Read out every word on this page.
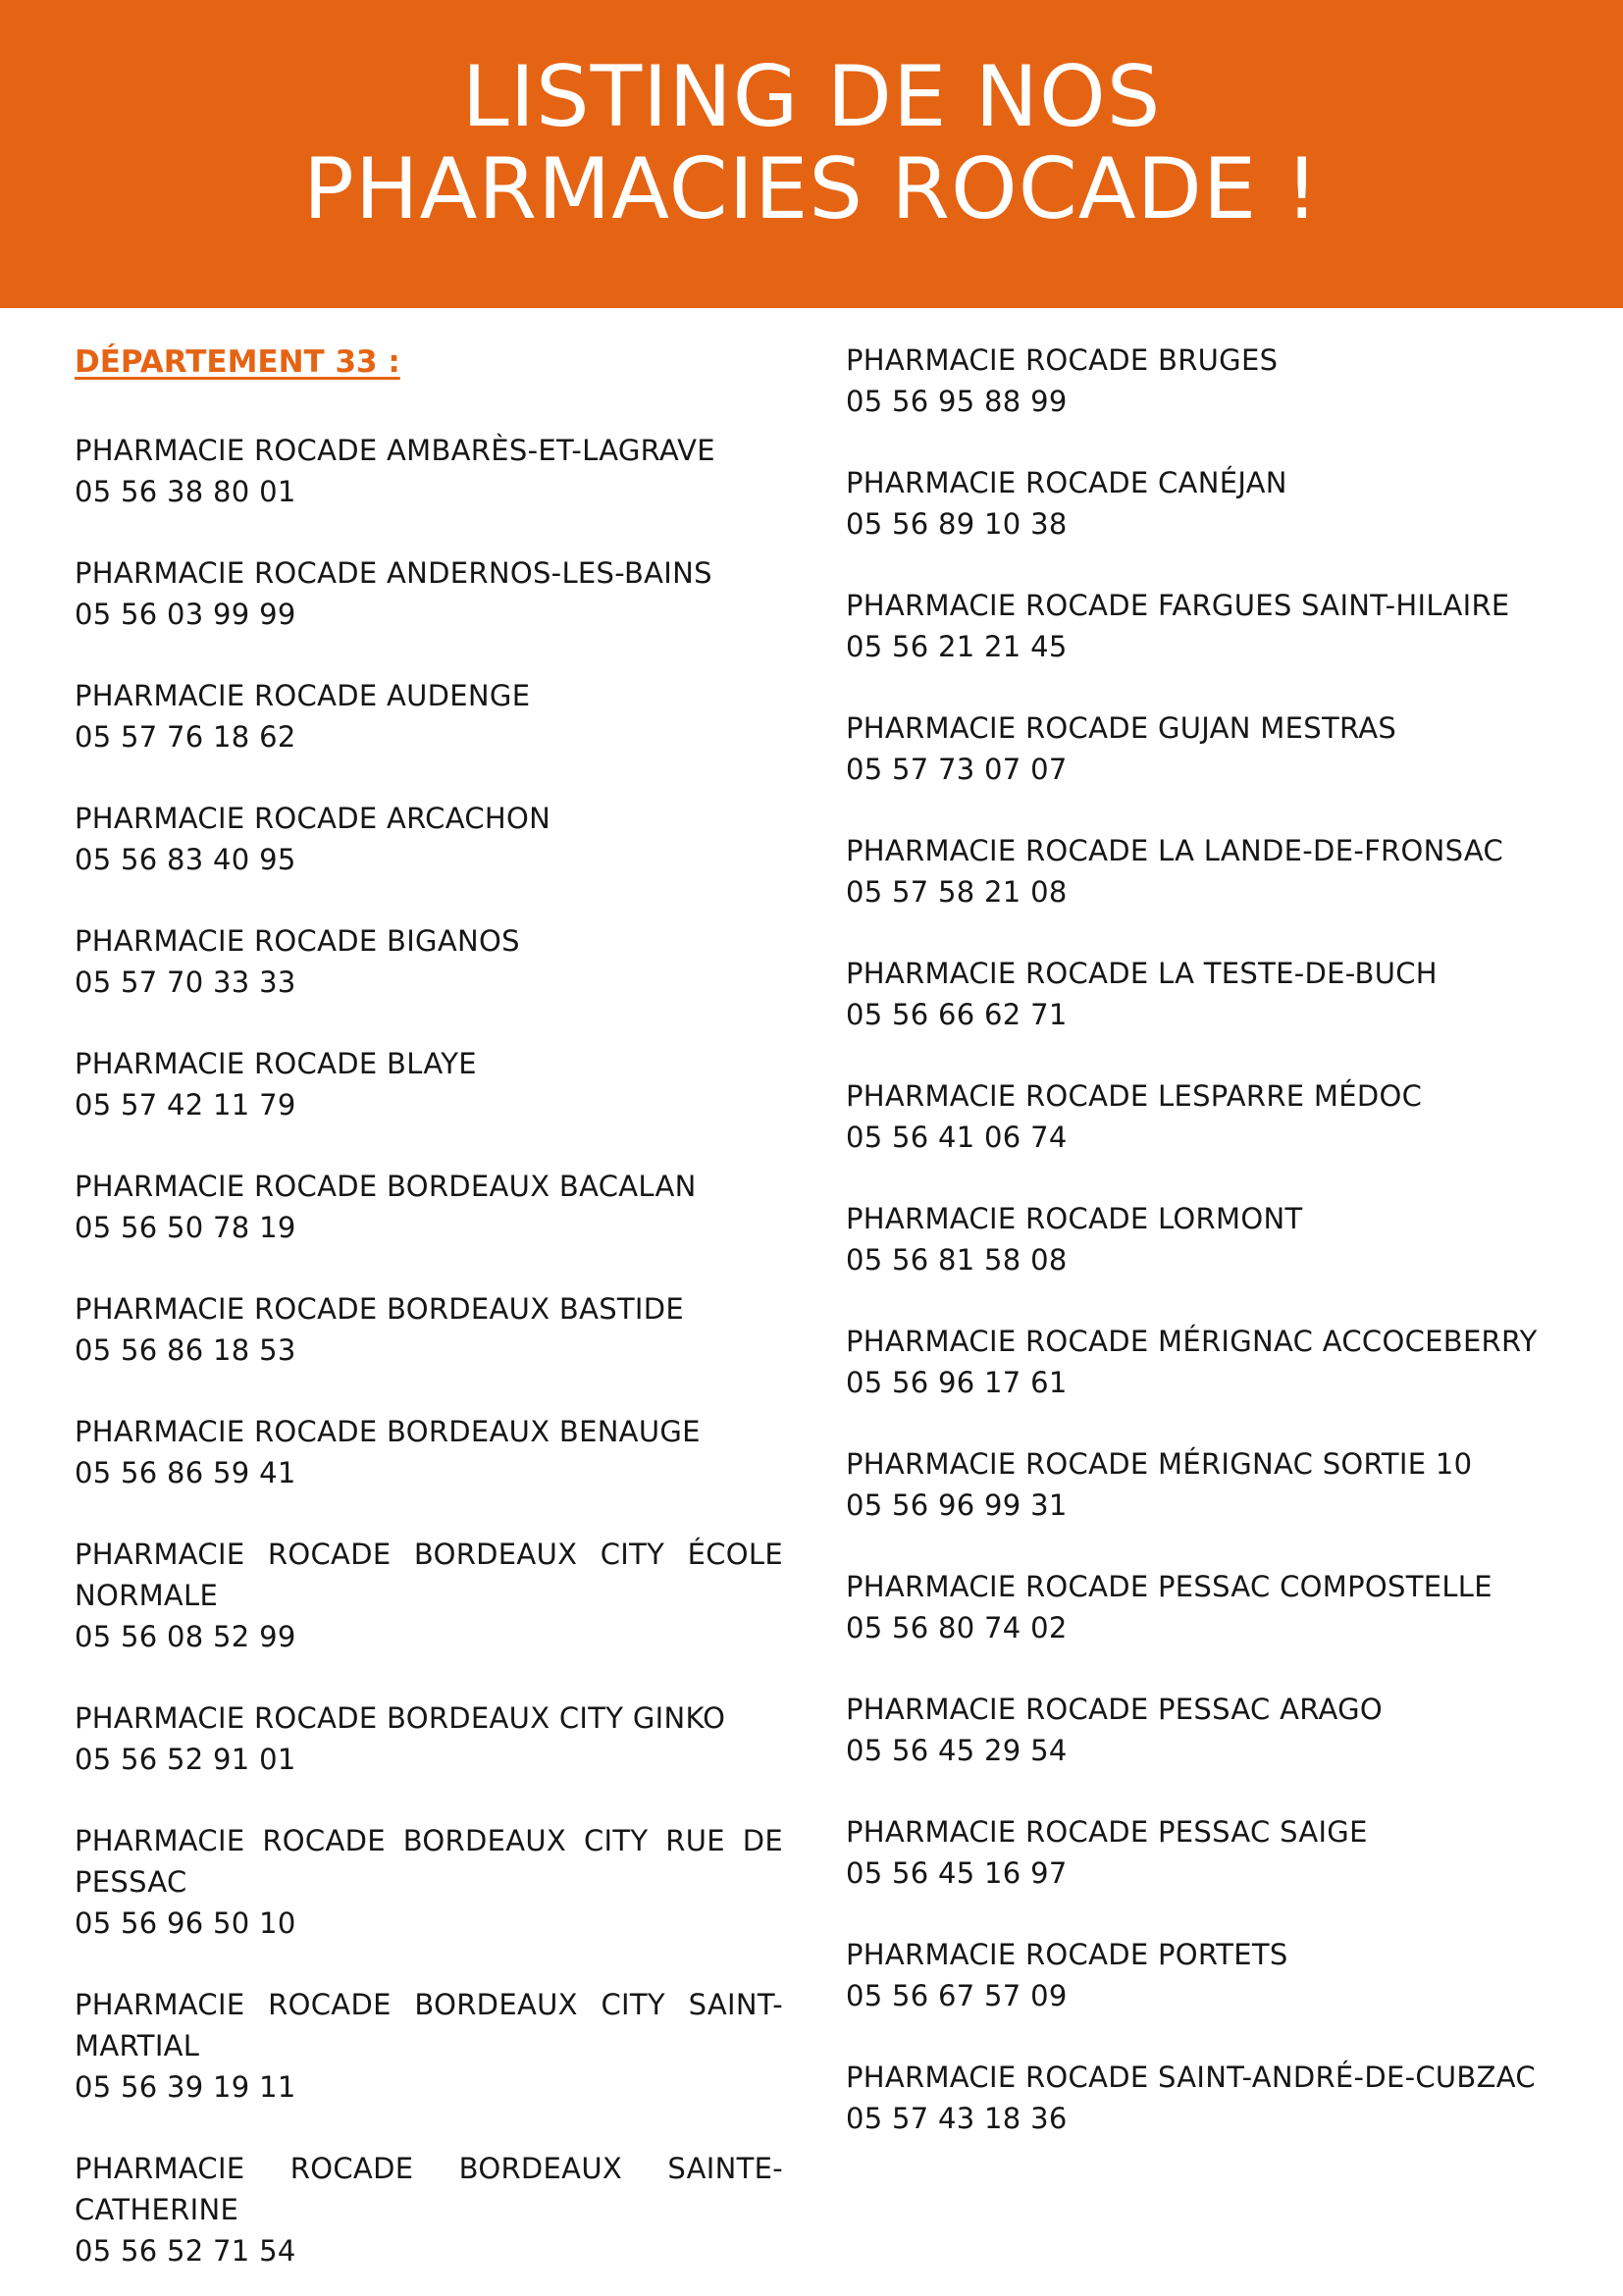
LISTING DE NOS
PHARMACIES ROCADE !
DÉPARTEMENT 33 :
PHARMACIE ROCADE AMBARÈS-ET-LAGRAVE
05 56 38 80 01
PHARMACIE ROCADE ANDERNOS-LES-BAINS
05 56 03 99 99
PHARMACIE ROCADE AUDENGE
05 57 76 18 62
PHARMACIE ROCADE ARCACHON
05 56 83 40 95
PHARMACIE ROCADE BIGANOS
05 57 70 33 33
PHARMACIE ROCADE BLAYE
05 57 42 11 79
PHARMACIE ROCADE BORDEAUX BACALAN
05 56 50 78 19
PHARMACIE ROCADE BORDEAUX BASTIDE
05 56 86 18 53
PHARMACIE ROCADE BORDEAUX BENAUGE
05 56 86 59 41
PHARMACIE ROCADE BORDEAUX CITY ÉCOLE NORMALE
05 56 08 52 99
PHARMACIE ROCADE BORDEAUX CITY GINKO
05 56 52 91 01
PHARMACIE ROCADE BORDEAUX CITY RUE DE PESSAC
05 56 96 50 10
PHARMACIE ROCADE BORDEAUX CITY SAINT-MARTIAL
05 56 39 19 11
PHARMACIE ROCADE BORDEAUX SAINTE-CATHERINE
05 56 52 71 54
PHARMACIE ROCADE BRUGES
05 56 95 88 99
PHARMACIE ROCADE CANÉJAN
05 56 89 10 38
PHARMACIE ROCADE FARGUES SAINT-HILAIRE
05 56 21 21 45
PHARMACIE ROCADE GUJAN MESTRAS
05 57 73 07 07
PHARMACIE ROCADE LA LANDE-DE-FRONSAC
05 57 58 21 08
PHARMACIE ROCADE LA TESTE-DE-BUCH
05 56 66 62 71
PHARMACIE ROCADE LESPARRE MÉDOC
05 56 41 06 74
PHARMACIE ROCADE LORMONT
05 56 81 58 08
PHARMACIE ROCADE MÉRIGNAC ACCOCEBERRY
05 56 96 17 61
PHARMACIE ROCADE MÉRIGNAC SORTIE 10
05 56 96 99 31
PHARMACIE ROCADE PESSAC COMPOSTELLE
05 56 80 74 02
PHARMACIE ROCADE PESSAC ARAGO
05 56 45 29 54
PHARMACIE ROCADE PESSAC SAIGE
05 56 45 16 97
PHARMACIE ROCADE PORTETS
05 56 67 57 09
PHARMACIE ROCADE SAINT-ANDRÉ-DE-CUBZAC
05 57 43 18 36
